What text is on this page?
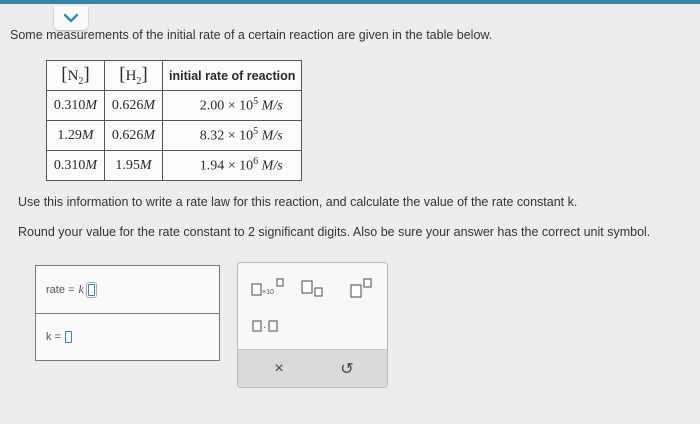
Some measurements of the initial rate of a certain reaction are given in the table below.
$[N_2]$	$[H_2]$	initial rate of reaction
0.310M	0.626M	$2.00 \times 10^5$ M/s
1.29M	0.626M	$8.32 \times 10^5$ M/s
0.310M	1.95M	$1.94 \times 10^6$ M/s
Use this information to write a rate law for this reaction, and calculate the value of the rate constant k.
Round your value for the rate constant to 2 significant digits. Also be sure your answer has the correct unit symbol.
rate = k
k =
×10
·
×	↺
